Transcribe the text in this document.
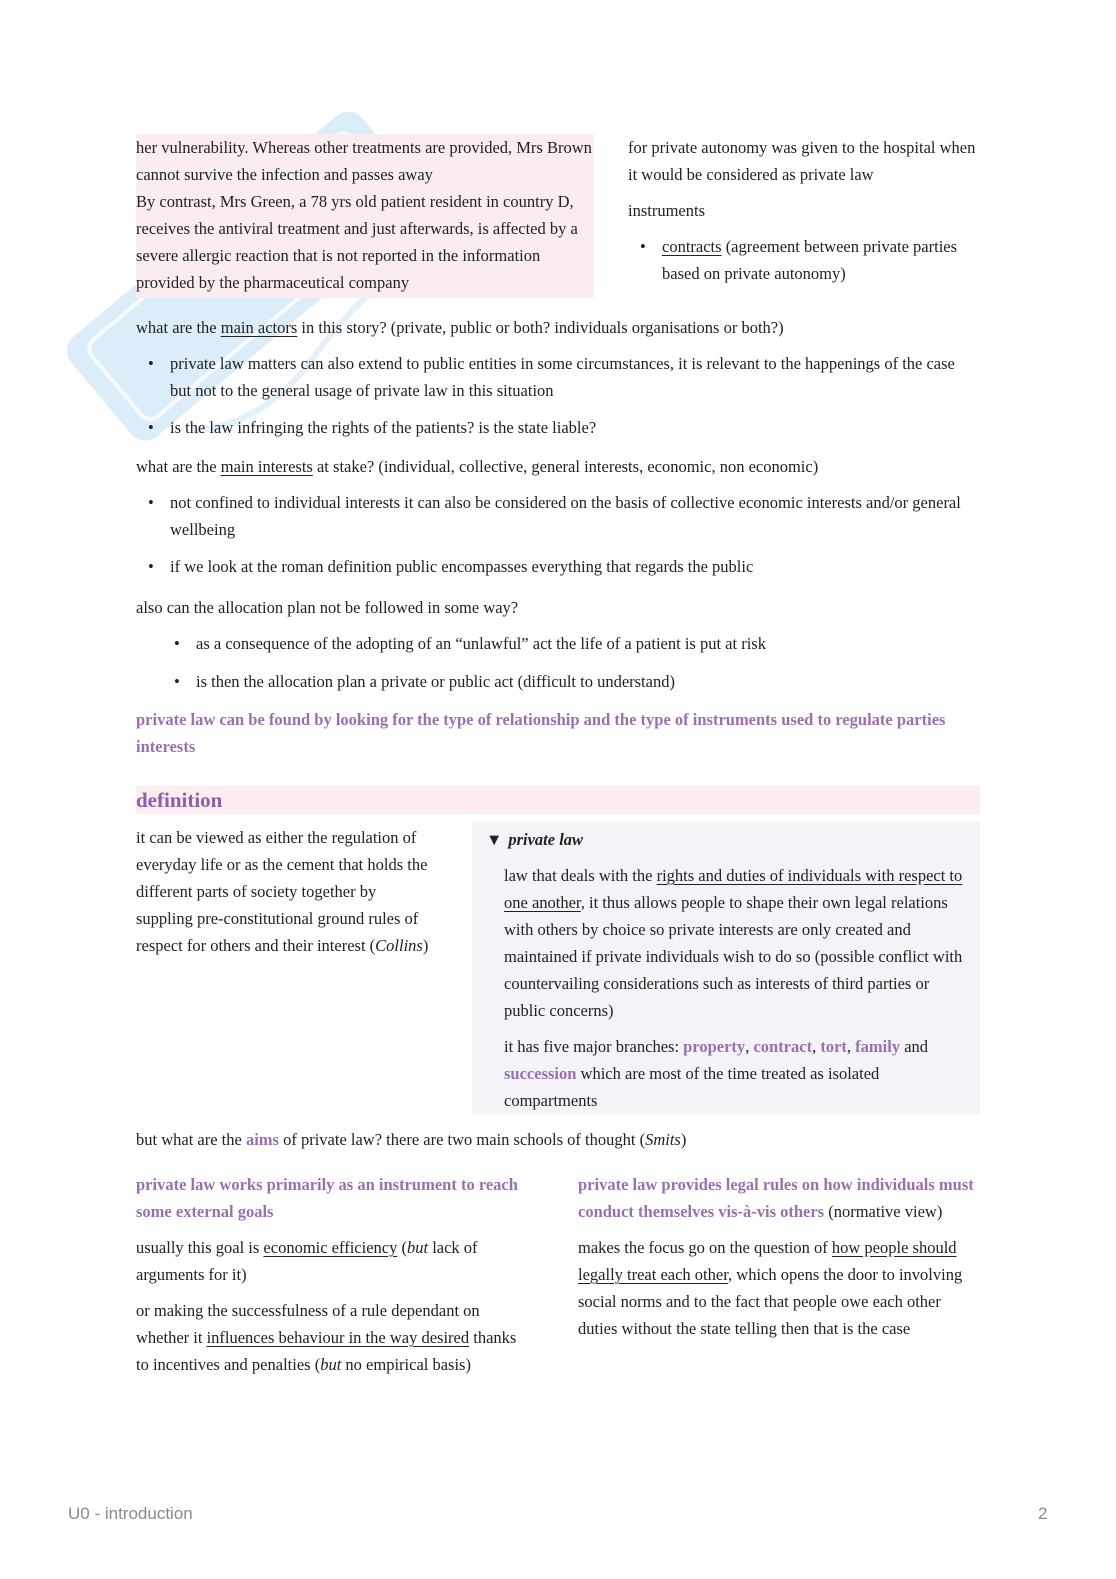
her vulnerability. Whereas other treatments are provided, Mrs Brown cannot survive the infection and passes away

By contrast, Mrs Green, a 78 yrs old patient resident in country D, receives the antiviral treatment and just afterwards, is affected by a severe allergic reaction that is not reported in the information provided by the pharmaceutical company

for private autonomy was given to the hospital when it would be considered as private law

instruments

• contracts (agreement between private parties based on private autonomy)

what are the main actors in this story? (private, public or both? individuals organisations or both?)

• private law matters can also extend to public entities in some circumstances, it is relevant to the happenings of the case but not to the general usage of private law in this situation
• is the law infringing the rights of the patients? is the state liable?

what are the main interests at stake? (individual, collective, general interests, economic, non economic)

• not confined to individual interests it can also be considered on the basis of collective economic interests and/or general wellbeing
• if we look at the roman definition public encompasses everything that regards the public

also can the allocation plan not be followed in some way?

• as a consequence of the adopting of an “unlawful” act the life of a patient is put at risk
• is then the allocation plan a private or public act (difficult to understand)

private law can be found by looking for the type of relationship and the type of instruments used to regulate parties interests

definition

it can be viewed as either the regulation of everyday life or as the cement that holds the different parts of society together by suppling pre-constitutional ground rules of respect for others and their interest (Collins)

▼ private law

law that deals with the rights and duties of individuals with respect to one another, it thus allows people to shape their own legal relations with others by choice so private interests are only created and maintained if private individuals wish to do so (possible conflict with countervailing considerations such as interests of third parties or public concerns)

it has five major branches: property, contract, tort, family and succession which are most of the time treated as isolated compartments

but what are the aims of private law? there are two main schools of thought (Smits)

private law works primarily as an instrument to reach some external goals

usually this goal is economic efficiency (but lack of arguments for it)

or making the successfulness of a rule dependant on whether it influences behaviour in the way desired thanks to incentives and penalties (but no empirical basis)

private law provides legal rules on how individuals must conduct themselves vis-à-vis others (normative view)

makes the focus go on the question of how people should legally treat each other, which opens the door to involving social norms and to the fact that people owe each other duties without the state telling then that is the case

U0 - introduction	2
